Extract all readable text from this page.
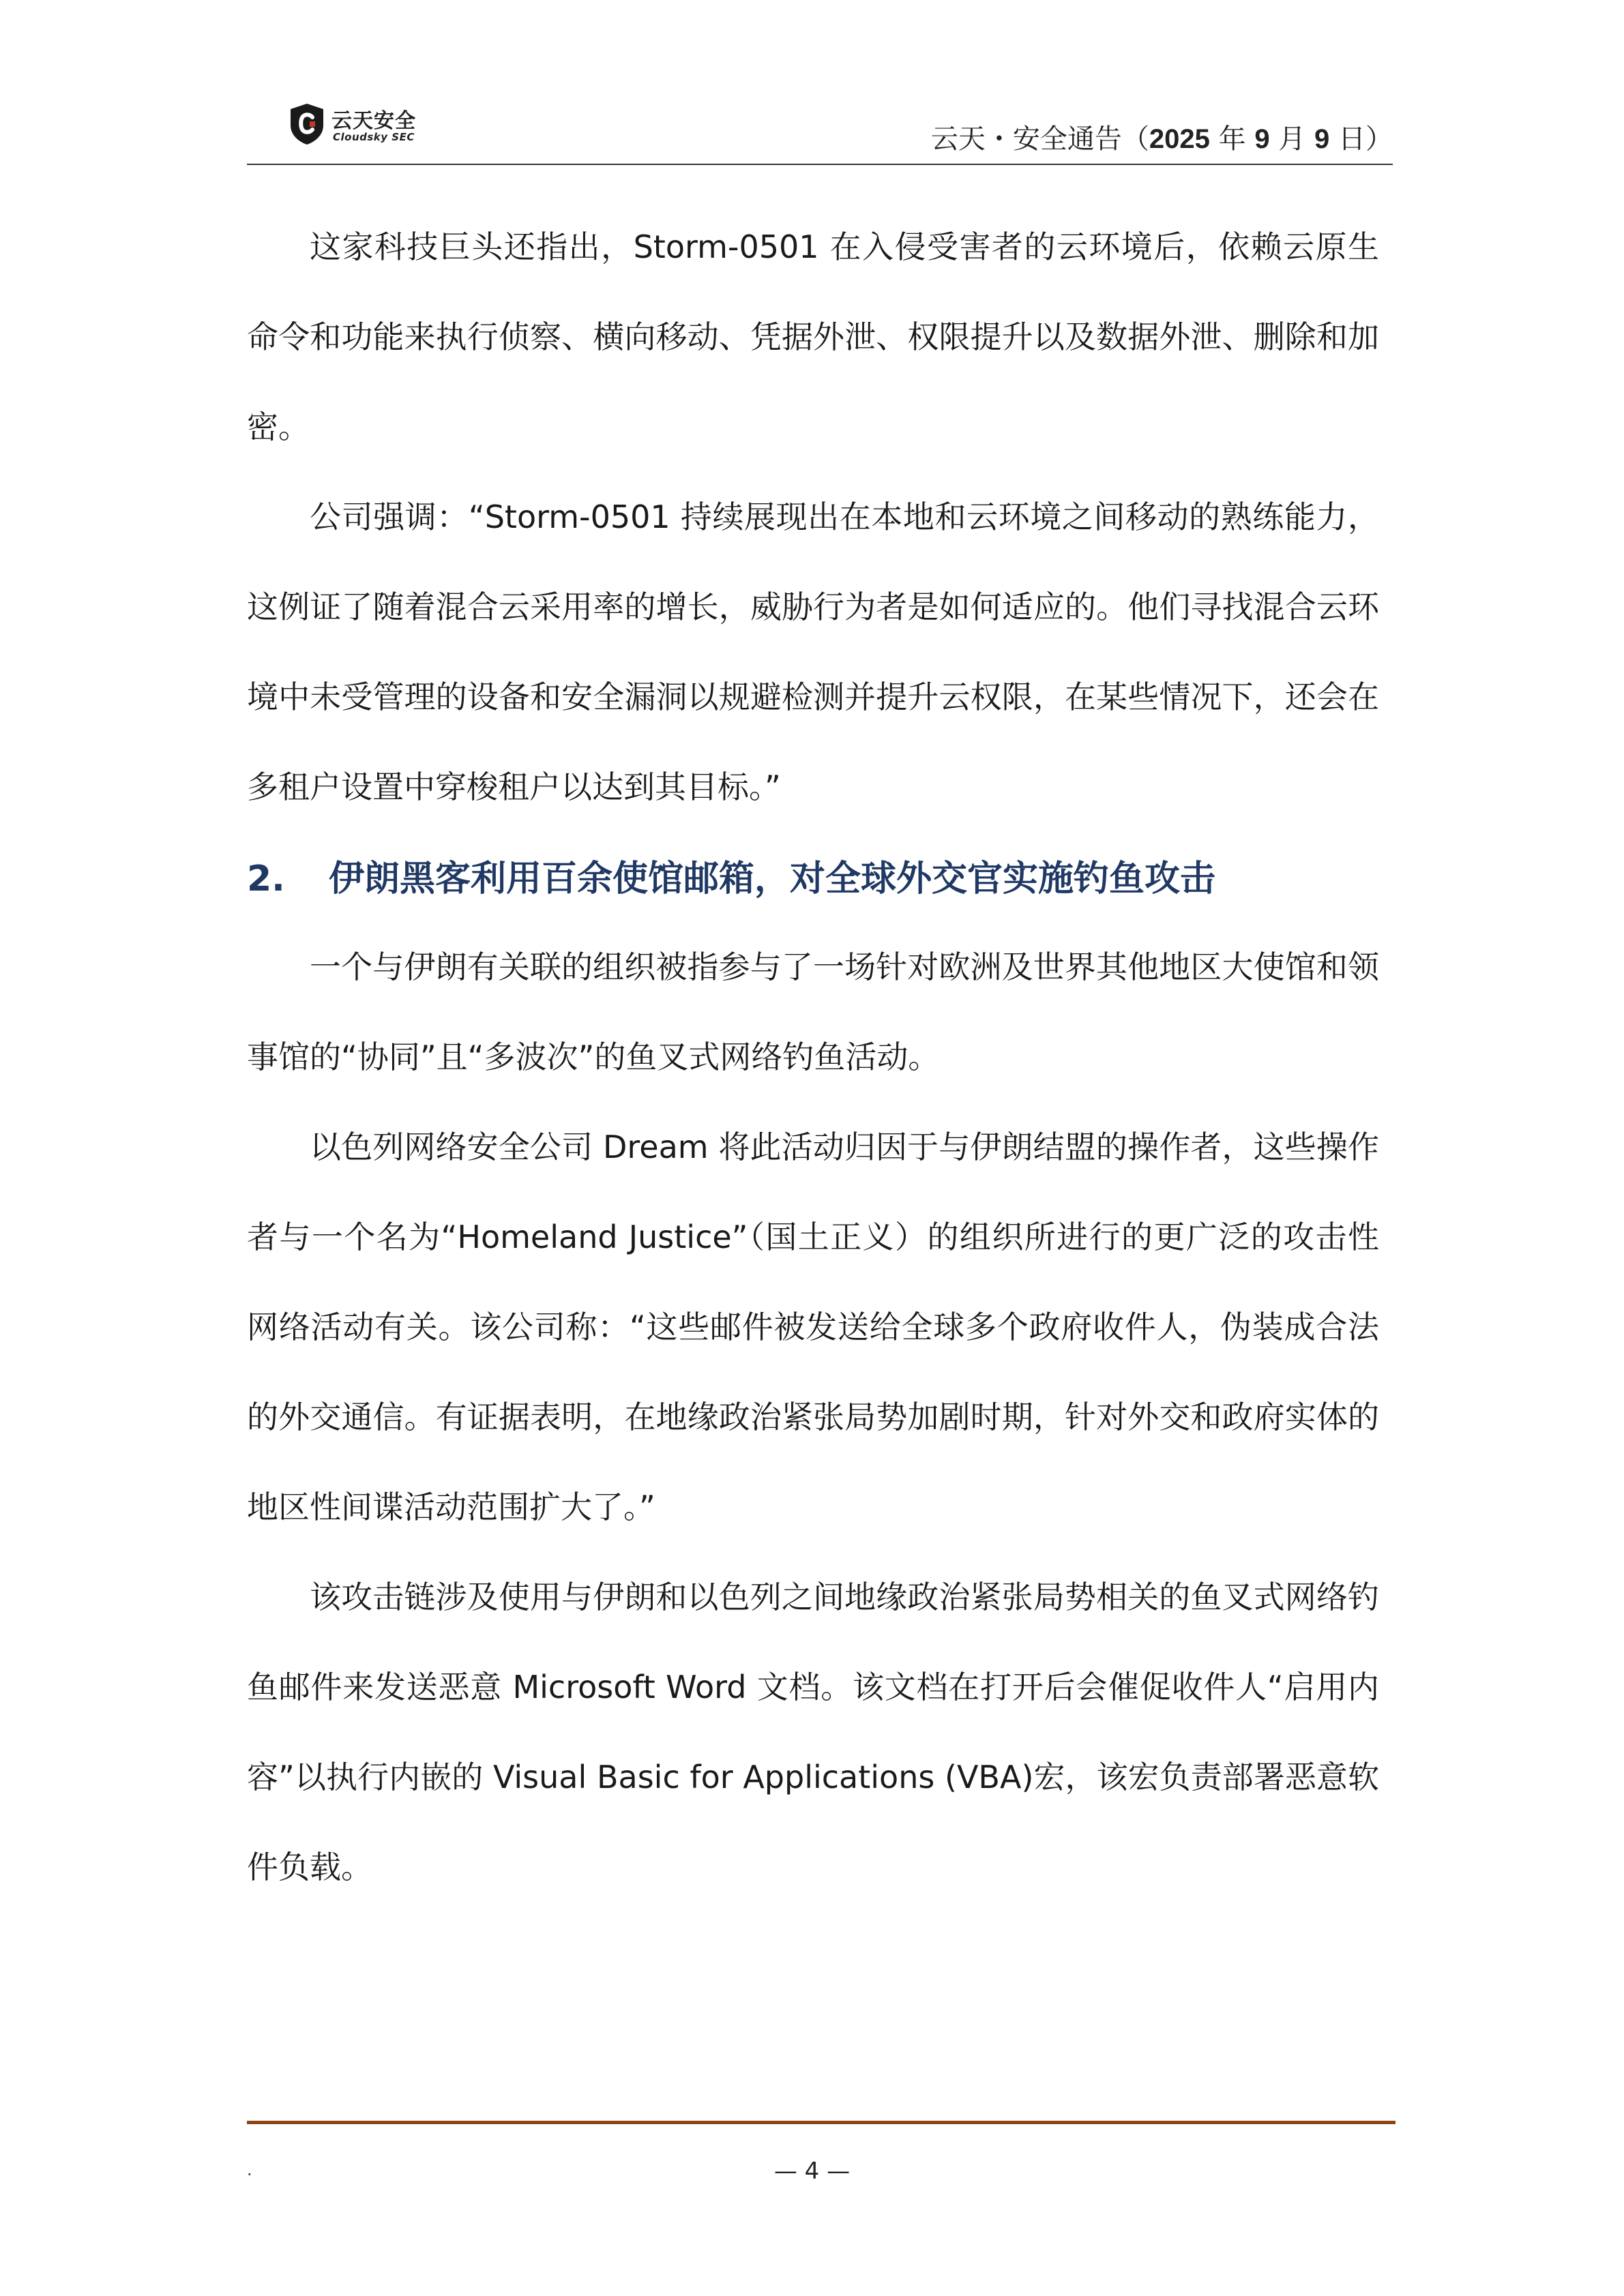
云天安全
Cloudsky SEC	云天・安全通告（2025 年 9 月 9 日）

这家科技巨头还指出，Storm-0501 在入侵受害者的云环境后，依赖云原生命令和功能来执行侦察、横向移动、凭据外泄、权限提升以及数据外泄、删除和加密。

公司强调：“Storm-0501 持续展现出在本地和云环境之间移动的熟练能力，这例证了随着混合云采用率的增长，威胁行为者是如何适应的。他们寻找混合云环境中未受管理的设备和安全漏洞以规避检测并提升云权限，在某些情况下，还会在多租户设置中穿梭租户以达到其目标。”

2. 伊朗黑客利用百余使馆邮箱，对全球外交官实施钓鱼攻击

一个与伊朗有关联的组织被指参与了一场针对欧洲及世界其他地区大使馆和领事馆的“协同”且“多波次”的鱼叉式网络钓鱼活动。

以色列网络安全公司 Dream 将此活动归因于与伊朗结盟的操作者，这些操作者与一个名为“Homeland Justice”（国土正义）的组织所进行的更广泛的攻击性网络活动有关。该公司称：“这些邮件被发送给全球多个政府收件人，伪装成合法的外交通信。有证据表明，在地缘政治紧张局势加剧时期，针对外交和政府实体的地区性间谍活动范围扩大了。”

该攻击链涉及使用与伊朗和以色列之间地缘政治紧张局势相关的鱼叉式网络钓鱼邮件来发送恶意 Microsoft Word 文档。该文档在打开后会催促收件人“启用内容”以执行内嵌的 Visual Basic for Applications (VBA)宏，该宏负责部署恶意软件负载。

.	— 4 —
